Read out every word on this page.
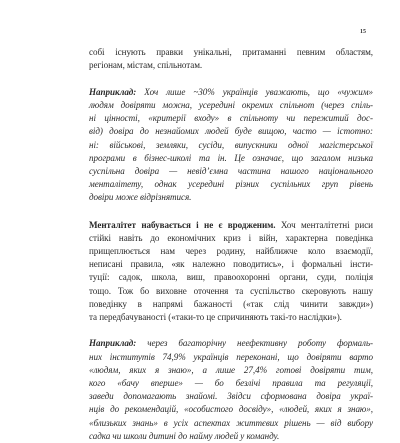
15
собі існують правки унікальні, притаманні певним областям,
регіонам, містам, спільнотам.
Наприклад: Хоч лише ~30% українців уважають, що «чужим»
людям довіряти можна, усередині окремих спільнот (через спіль-
ні цінності, «критерії входу» в спільноту чи пережитий дос-
від) довіра до незнайомих людей буде вищою, часто — істотно:
ні: військові, земляки, сусіди, випускники одної магістерської
програми в бізнес-школі та ін. Це означає, що загалом низька
суспільна довіра — невід’ємна частина нашого національного
менталітету, однак усередині різних суспільних груп рівень
довіри може відрізнятися.
Менталітет набувається і не є вродженим. Хоч менталітетні риси
стійкі навіть до економічних криз і війн, характерна поведінка
прищеплюється нам через родину, найближче коло взаємодії,
неписані правила, «як належно поводитись», і формальні інсти-
туції: садок, школа, виш, правоохоронні органи, суди, поліція
тощо. Тож бо виховне оточення та суспільство скеровують нашу
поведінку в напрямі бажаності («так слід чинити завжди»)
та передбачуваності («таки-то це спричиняють такі-то наслідки»).
Наприклад: через багаторічну неефективну роботу формаль-
них інститутів 74,9% українців переконані, що довіряти варто
«людям, яких я знаю», а лише 27,4% готові довіряти тим,
кого «бачу вперше» — бо безлічі правила та регуляції,
заведи допомагають знайомі. Звідси сформована довіра украї-
нців до рекомендацій, «особистого досвіду», «людей, яких я знаю»,
«близьких знань» в усіх аспектах життєвих рішень — від вибору
садка чи школи дитині до найму людей у команду.
